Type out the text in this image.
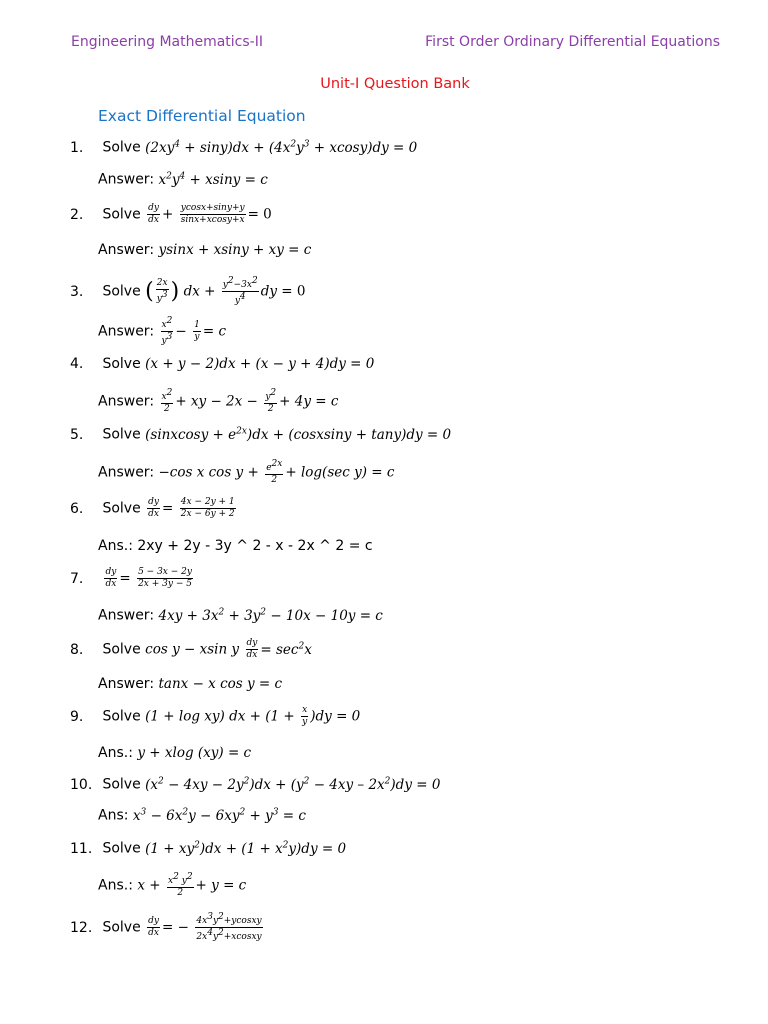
Engineering Mathematics-II	First Order Ordinary Differential Equations
Unit-I Question Bank
Exact Differential Equation
1. Solve $(2xy^4 + \sin y)dx + (4x^2y^3 + xcosy)dy = 0$
Answer: $x^2y^4 + xsiny = c$
2. Solve $\frac{dy}{dx} + \frac{ycosx+\sin y+y}{\sin x+xcosy+x} = 0$
Answer: ysinx + xsiny + xy = c
3. Solve ( $\frac{2x}{y^3}$ ) dx + $\frac{y^2-3x^2}{y^4}$ dy = 0
Answer: $\frac{x^2}{y^3} - \frac{1}{y} = c$
4. Solve (x + y − 2)dx + (x − y + 4)dy = 0
Answer: $\frac{x^2}{2}$ + xy − $2x - \frac{y^2}{2} + 4y = c$
5. Solve (sinxcosy + $e^{2x})dx$ + (cosxsiny + tany)dy = 0
Answer: −cos x $\cos y + \frac{e^{2x}}{2} + \log(\sec$ y) = c
6. Solve $\frac{dy}{dx} = \frac{4x - 2y + 1}{2x - 6y + 2}$
Ans.: 2xy + 2y - 3y ^ 2 - x - 2x ^ 2 = c
7. $\frac{dy}{dx} = \frac{5 - 3x - 2y}{2x + 3y - 5}$
Answer: $4xy + 3x^2 + 3y^2 - 10x - 10y = c$
8. Solve cos y − xsin y $\frac{dy}{dx} = \sec^2x$
Answer: tanx − x cos y = c
9. Solve (1 + log xy) dx + $(1 + \frac{x}{y} )dy = 0$
Ans.: y + xlog (xy) = c
10. Solve $(x^2 - 4xy - 2y^2)dx + (y^2 - 4xy - 2x^2)dy = 0$
Ans: $x^3 - 6x^2y - 6xy^2 + y^3 = c$
11. Solve $(1 + xy^2)dx + (1 + x^2y)dy = 0$
Ans.: $x + \frac{x^2 y^2}{2} + y = c$
12. Solve $\frac{dy}{dx}$ = − $\frac{4x^3y^2+ycosxy}{2x^4y^2+xcosxy}$
